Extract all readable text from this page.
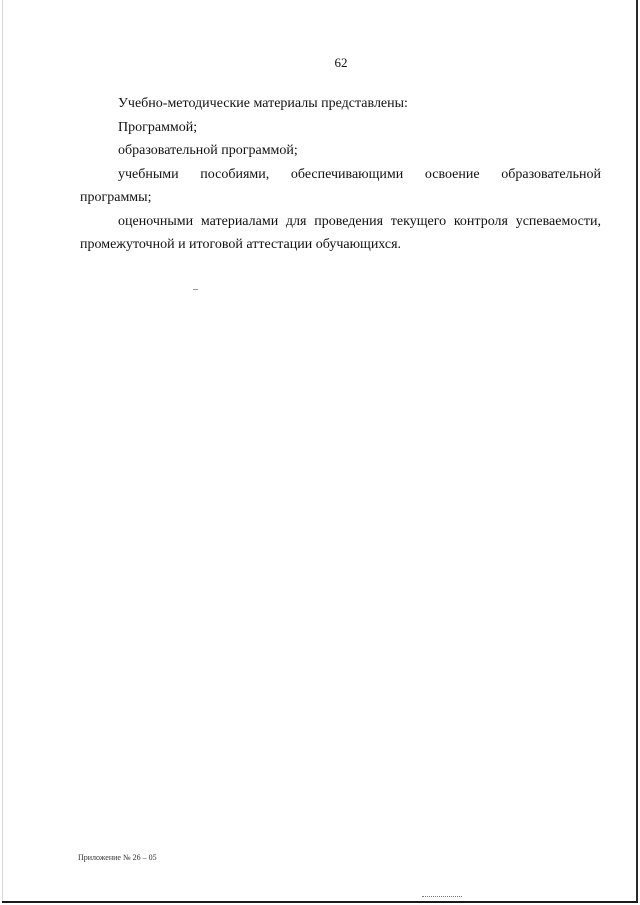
62

Учебно-методические материалы представлены:

Программой;

образовательной программой;

учебными пособиями, обеспечивающими освоение образовательной

программы;

оценочными материалами для проведения текущего контроля успеваемости, промежуточной и итоговой аттестации обучающихся.

Приложение № 26 – 05
